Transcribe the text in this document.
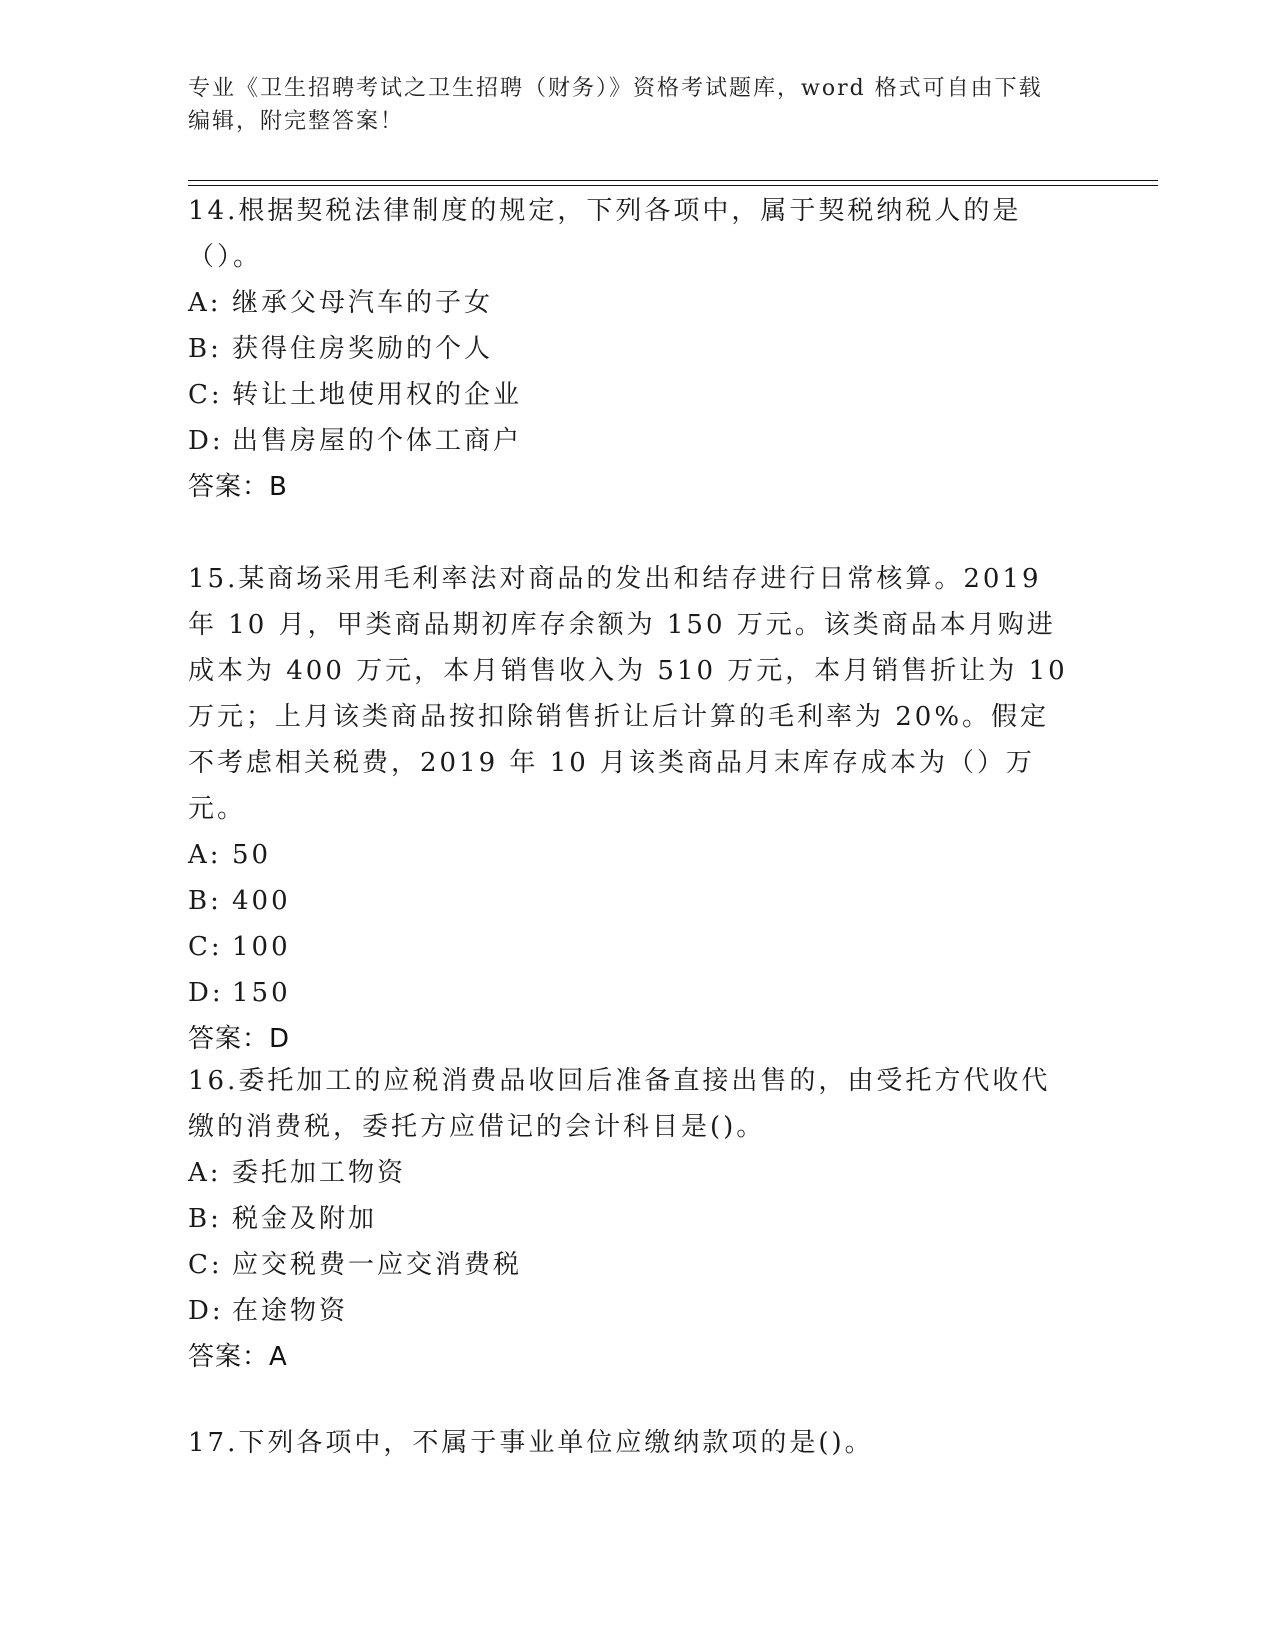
专业《卫生招聘考试之卫生招聘（财务）》资格考试题库，word 格式可自由下载
编辑，附完整答案！

14.根据契税法律制度的规定，下列各项中，属于契税纳税人的是（）。

A: 继承父母汽车的子女

B: 获得住房奖励的个人

C: 转让土地使用权的企业

D: 出售房屋的个体工商户

答案：B

15.某商场采用毛利率法对商品的发出和结存进行日常核算。2019 年 10 月，甲类商品期初库存余额为 150 万元。该类商品本月购进成本为 400 万元，本月销售收入为 510 万元，本月销售折让为 10 万元；上月该类商品按扣除销售折让后计算的毛利率为 20%。假定不考虑相关税费，2019 年 10 月该类商品月末库存成本为（）万元。

A: 50

B: 400

C: 100

D: 150

答案：D

16.委托加工的应税消费品收回后准备直接出售的，由受托方代收代缴的消费税，委托方应借记的会计科目是()。

A: 委托加工物资

B: 税金及附加

C: 应交税费一应交消费税

D: 在途物资

答案：A

17.下列各项中，不属于事业单位应缴纳款项的是()。
